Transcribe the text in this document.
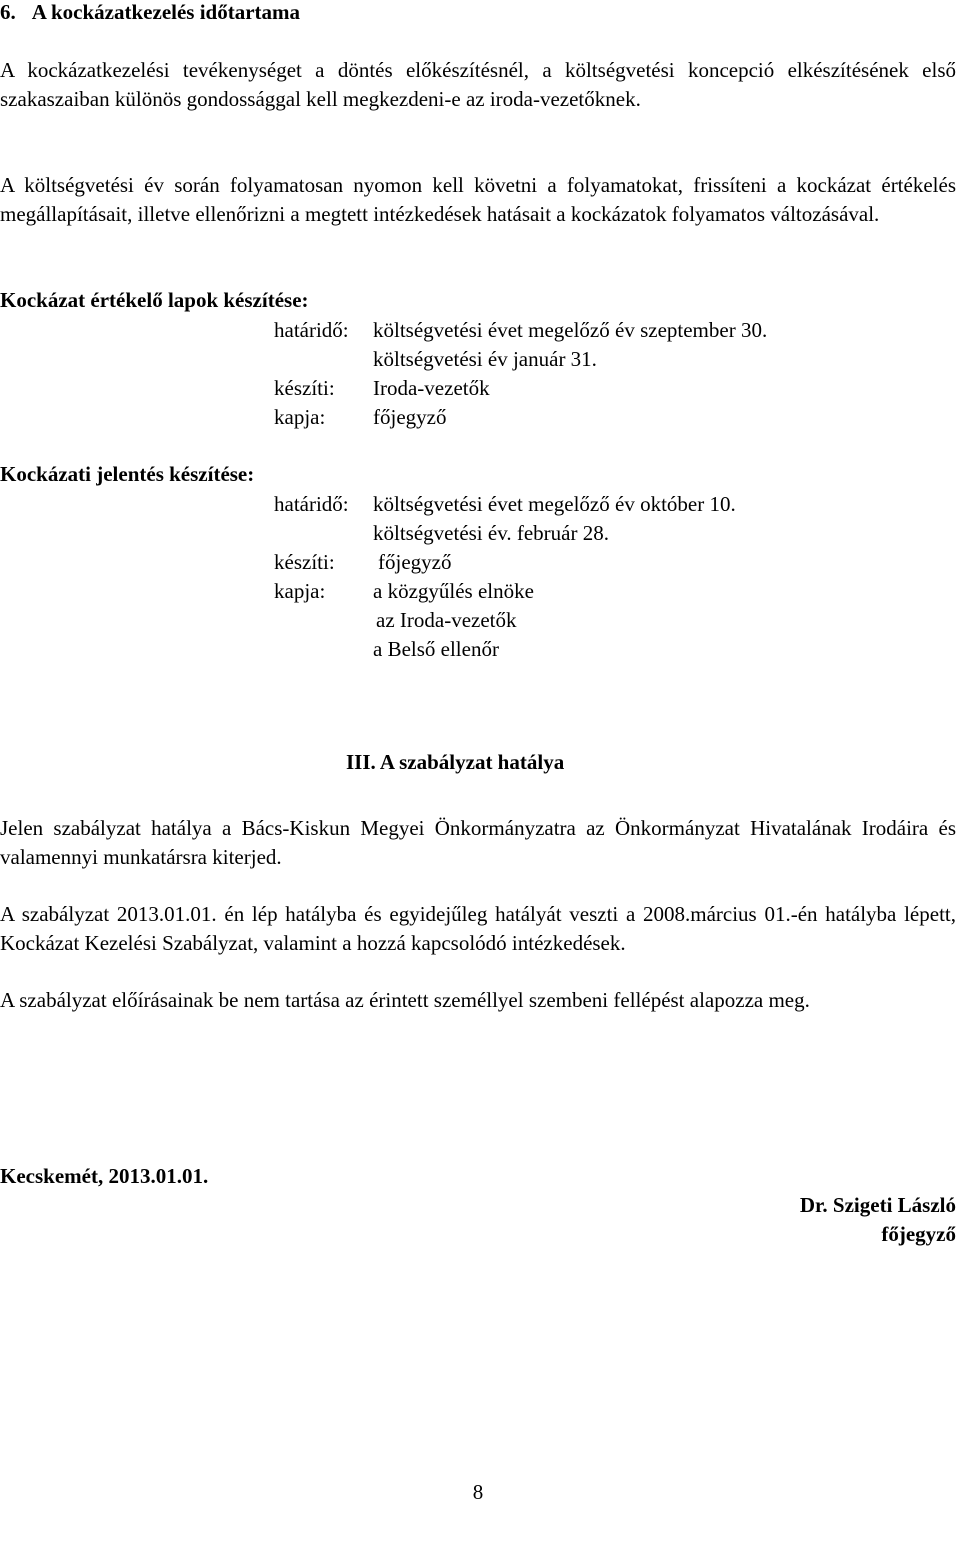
6. A kockázatkezelés időtartama
A kockázatkezelési tevékenységet a döntés előkészítésnél, a költségvetési koncepció elkészítésének első szakaszaiban különös gondossággal kell megkezdeni-e az iroda-vezetőknek.
A költségvetési év során folyamatosan nyomon kell követni a folyamatokat, frissíteni a kockázat értékelés megállapításait, illetve ellenőrizni a megtett intézkedések hatásait a kockázatok folyamatos változásával.
Kockázat értékelő lapok készítése:
határidő: költségvetési évet megelőző év szeptember 30.
költségvetési év január 31.
készíti: Iroda-vezetők
kapja: főjegyző
Kockázati jelentés készítése:
határidő: költségvetési évet megelőző év október 10.
költségvetési év. február 28.
készíti: főjegyző
kapja: a közgyűlés elnöke
az Iroda-vezetők
a Belső ellenőr
III. A szabályzat hatálya
Jelen szabályzat hatálya a Bács-Kiskun Megyei Önkormányzatra az Önkormányzat Hivatalának Irodáira és valamennyi munkatársra kiterjed.
A szabályzat 2013.01.01. én lép hatályba és egyidejűleg hatályát veszti a 2008.március 01.-én hatályba lépett, Kockázat Kezelési Szabályzat, valamint a hozzá kapcsolódó intézkedések.
A szabályzat előírásainak be nem tartása az érintett személlyel szembeni fellépést alapozza meg.
Kecskemét, 2013.01.01.
Dr. Szigeti László
főjegyző
8
